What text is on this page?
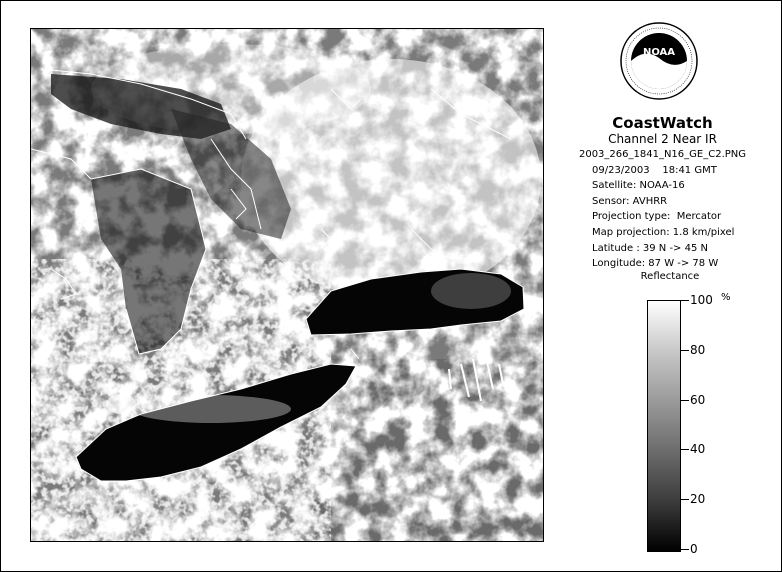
NOAA
CoastWatch
Channel 2 Near IR
2003_266_1841_N16_GE_C2.PNG
09/23/2003    18:41 GMT
Satellite: NOAA-16
Sensor: AVHRR
Projection type:  Mercator
Map projection: 1.8 km/pixel
Latitude : 39 N -> 45 N
Longitude: 87 W -> 78 W
Reflectance
%
100
80
60
40
20
0
